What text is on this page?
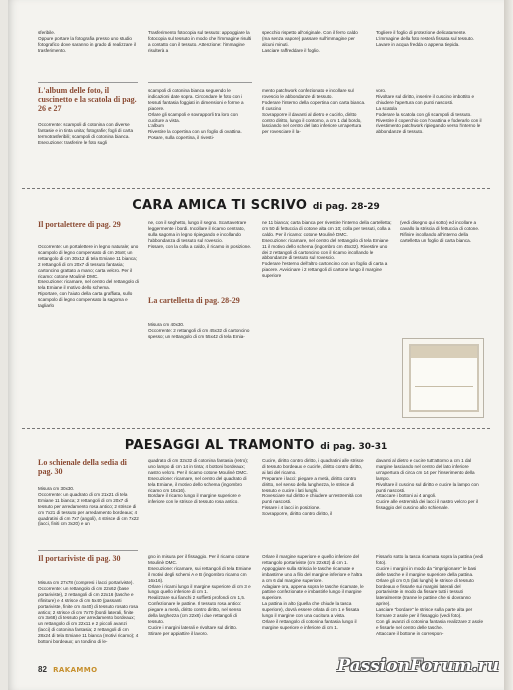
sferibile.
Oppure portare la fotografia presso uno studio fotografico dove saranno in grado di realizzare il trasferimento.
Trasferimento fotocopia sul tessuto: appoggiare la fotocopia sul tessuto in modo che l'immagine risulti a contatto con il tessuto. Attenzione: l'immagine risulterà a
specchio rispetto all'originale. Con il ferro caldo (ma senza vapore) passare sull'immagine per alcuni minuti.
Lasciare raffreddare il foglio.
Togliere il foglio di protezione delicatamente. L'immagine della foto resterà fissata sul tessuto.
Lavare in acqua fredda o appena tiepida.
L'album delle foto, il cuscinetto e la scatola di pag. 26 e 27
Occorrente: scampoli di cotonina con diverse fantasie e in tinta unita; fotografie; fogli di carta termotrasferibili; scampoli di cotonina bianca.
Esecuzione: trasferire le foto sugli
scampoli di cotonina bianca seguendo le indicazioni date sopra. Circondare le foto con i tessuti fantasia foggiati in dimensioni e forme a piacere.
Orlare gli scampoli e sovrapporli tra loro con cuciture a vista.
L'album
Rivestire la copertina con un foglio di ovattina.
Posare, sulla copertina, il rivesti-
mento patchwork confezionato e incollare sul rovescio le abbondanze di tessuto.
Foderare l'interno della copertina con carta bianca.
Il cuscino
Sovrapporre il davanti al dietro e cucirlo, diritto contro diritto, lungo il contorno, a cm 1 dal bordo, lasciando nel centro del lato inferiore un'apertura per rovesciare il la-
voro.
Rivoltare sul diritto, inserire il cuscino imbottito e chiudere l'apertura con punti nascosti.
La scatola
Foderare la scatola con gli scampoli di tessuto.
Rivestire il coperchio con l'ovattina e foderarlo con il rivestimento patchwork ripiegando verso l'interno le abbondanze di tessuto.
CARA AMICA TI SCRIVO di pag. 28-29
Il portalettere di pag. 29
Occorrente: un portalettere in legno naturale; uno scampolo di legno compensato di cm 26x8; un rettangolo di cm 30x12 di tela Emiane 11 bianca; 2 rettangoli di cm 20x7 di tessuto fantasia; cartoncino grattato a mano; carta velcro. Per il ricamo: cotone Moulinè DMC.
Esecuzione: ricamare, nel centro del rettangolo di tela Emiane il motivo dello schema.
Riportare, con l'aiuto della carta graffiata, sullo scampolo di legno compensato la sagoma e tagliarlo
ne, con il seghetto, lungo il segno. Scartavetrare leggermente i bordi. Incollare il ricamo centrato, sulla sagoma in legno ripiegando e incollando l'abbondanza di tessuto sul rovescio.
Fissare, con la colla a caldo, il ricamo in posizione.
La cartelletta di pag. 28-29
Misura cm 40x30.
Occorrente: 2 rettangoli di cm 45x32 di cartoncino spesso; un rettangolo di cm 55x42 di tela Emia-
ne 11 bianca; carta bianca per rivestire l'interno della cartelletta; cm 50 di fettuccia di cotone alta cm 10; colla per tessuti, colla a caldo. Per il ricamo: cotone Moulinè DMC.
Esecuzione: ricamare, nel centro del rettangolo di tela Emiane 11 il motivo dello schema (ingombro cm 45x32). Rivestire uno dei 2 rettangoli di cartoncino con il ricamo incollando le abbondanze di tessuto sul rovescio.
Foderare l'esterno dell'altro cartoncino con un foglio di carta a piacere. Avvicinare i 2 rettangoli di cartone lungo il margine superiore
(vedi disegno qui sotto) ed incollare a cavallo la striscia di fettuccia di cotone. Rifinire incollando all'interno della cartelletta un foglio di carta bianca.
PAESAGGI AL TRAMONTO di pag. 30-31
Lo schienale della sedia di pag. 30
Misura cm 30x30.
Occorrente: un quadrato di cm 21x21 di tela Emiane 11 bianca; 2 rettangoli di cm 20x7 di tessuto per arredamento rosa antico; 2 strisce di cm 7x21 di tessuto per arredamento bordeaux; 4 quadratini di cm 7x7 (angoli), 4 strisce di cm 7x22 (lacci, finiti cm 3x20) e un
quadrato di cm 32x32 di cotonina fantasia (retro); uno lampo di cm 14 in tinta; 4 bottoni bordeaux; nastro velcro. Per il ricamo cotone Moulinè DMC.
Esecuzione: ricamare, nel centro del quadrato di tela Emiane, il motivo dello schema (ingombro ricamo cm 16x16).
Bordare il ricamo lungo il margine superiore e inferiore con le strisce di tessuto rosa antico.
Cucire, diritto contro diritto, i quadratini alle strisce di tessuto bordeaux e cucirle, diritto contro diritto, ai lati del ricamo.
Preparare i lacci: piegare a metà, diritto contro diritto, nel senso della lunghezza, le strisce di tessuto e cucire i lati lunghi.
Rovesciare sul diritto e chiudere un'estremità con punti nascosti.
Fissare i 4 lacci in posizione.
Sovrapporre, diritto contro diritto, il
davanti al dietro e cucire tutt'attorno a cm 1 dal margine lasciando nel centro del lato inferiore un'apertura di circa cm 14 per l'inserimento della lampo.
Rivoltare il cuscino sul diritto e cucire la lampo con punti nascosti.
Attaccare i bottoni ai 4 angoli.
Cucire alle estremità dei lacci il nastro velcro per il fissaggio del cuscino allo schienale.
Il portariviste di pag. 30
Misura cm 27x78 (compresi i lacci portariviste).
Occorrente: un rettangolo di cm 22x62 (base portariviste), 2 rettangoli di cm 22x16 (tasche e rifiniture) e 4 strisce di cm 5x40 (passanti portariviste, finite cm 4x40) di tessuto rosato rosa antico; 2 strisce di cm 7x70 (bordi laterali, finite cm 3x68) di tessuto per arredamento bordeaux; un rettangolo di cm 22x11 e 2 piccoli avanzi (lacci) di cotonina fantasia; 2 rettangoli di cm 28x24 di tela Emiane 11 bianca (motivi ricamo); 4 bottoni bordeaux; un tondino di le-
gno in misura per il fissaggio. Per il ricamo cotone Moulinè DMC.
Esecuzione: ricamare, sui rettangoli di tela Emiane il motivi degli schemi A e B (ingombro ricamo cm 16x16).
Orlare i ricami lungo il margine superiore di cm 3 e lungo quello inferiore di cm 1.
Realizzare sui fianchi 2 soffietti profondi cm 1,5.
Confezionare le pattine. Il tessuto rosa antico: piegare a metà, diritto contro diritto, nel senso della larghezza (cm 22x8) i due rettangoli di tessuto.
Cucire i margini laterali e rivoltare sul diritto.
Stirare per appiattire il lavoro.
Orlare il margine superiore e quello inferiore del rettangolo portariviste (cm 22x62) di cm 1.
Appoggiare sulla striscia le tasche ricamate e imbastirne uno a filo del margine inferiore e l'altra a cm 6 dal margine superiore.
Adagiare ora, appena sopra le tasche ricamate, le pattine confezionate e imbastirle lungo il margine superiore.
La pattina in alto (quella che chiude la tasca superiore), dovrà essere orlata di cm 1 e fissata lungo il margine con una cucitura a vista.
Orlare il rettangolo di cotonina fantasia lungo il margine superiore e inferiore di cm 1.
Fissarlo sotto la tasca ricamata sopra la pattina (vedi foto).
Cucire i margini in modo da "imprigionare" le basi delle tasche e il margine superiore della pattina.
Orlare gli cm 0,5 (lati lunghi) le strisce di tessuto bordeaux e fissarle sui margini laterali del portariviste in modo da fissare tutti i tessuti lateralmente (tranne le pattine che si dovranno aprire).
Lasciare "bordare" le strisce sulla parte alta per formare 2 asole per il fissaggio (vedi foto).
Con gli avanzi di cotonina fantasia realizzare 2 asole e fissarle nel centro delle tasche.
Attaccare il bottone in correspon-
82 RAKAMMO	PassionForum.ru
